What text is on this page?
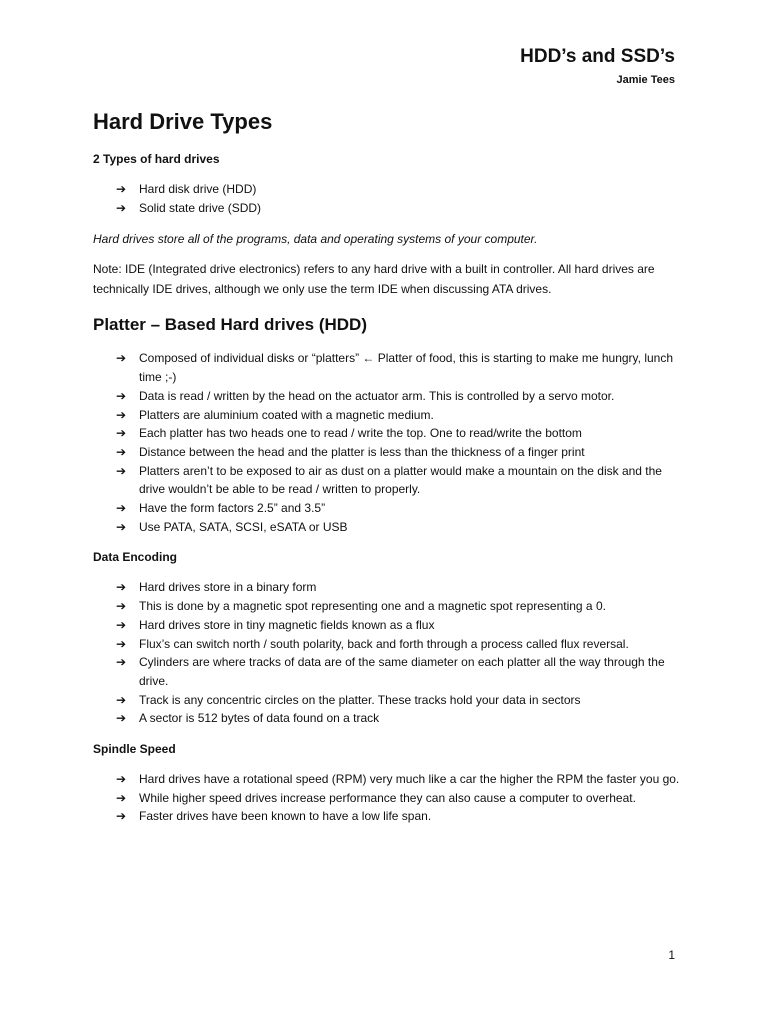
HDD’s and SSD’s
Jamie Tees
Hard Drive Types
2 Types of hard drives
➔ Hard disk drive (HDD)
➔ Solid state drive (SDD)

Hard drives store all of the programs, data and operating systems of your computer.

Note: IDE (Integrated drive electronics) refers to any hard drive with a built in controller. All hard drives are technically IDE drives, although we only use the term IDE when discussing ATA drives.

Platter – Based Hard drives (HDD)
➔ Composed of individual disks or “platters” ← Platter of food, this is starting to make me hungry, lunch time ;-)
➔ Data is read / written by the head on the actuator arm. This is controlled by a servo motor.
➔ Platters are aluminium coated with a magnetic medium.
➔ Each platter has two heads one to read / write the top. One to read/write the bottom
➔ Distance between the head and the platter is less than the thickness of a finger print
➔ Platters aren’t to be exposed to air as dust on a platter would make a mountain on the disk and the drive wouldn’t be able to be read / written to properly.
➔ Have the form factors 2.5” and 3.5”
➔ Use PATA, SATA, SCSI, eSATA or USB
Data Encoding
➔ Hard drives store in a binary form
➔ This is done by a magnetic spot representing one and a magnetic spot representing a 0.
➔ Hard drives store in tiny magnetic fields known as a flux
➔ Flux’s can switch north / south polarity, back and forth through a process called flux reversal.
➔ Cylinders are where tracks of data are of the same diameter on each platter all the way through the drive.
➔ Track is any concentric circles on the platter. These tracks hold your data in sectors
➔ A sector is 512 bytes of data found on a track
Spindle Speed
➔ Hard drives have a rotational speed (RPM) very much like a car the higher the RPM the faster you go.
➔ While higher speed drives increase performance they can also cause a computer to overheat.
➔ Faster drives have been known to have a low life span.
1
